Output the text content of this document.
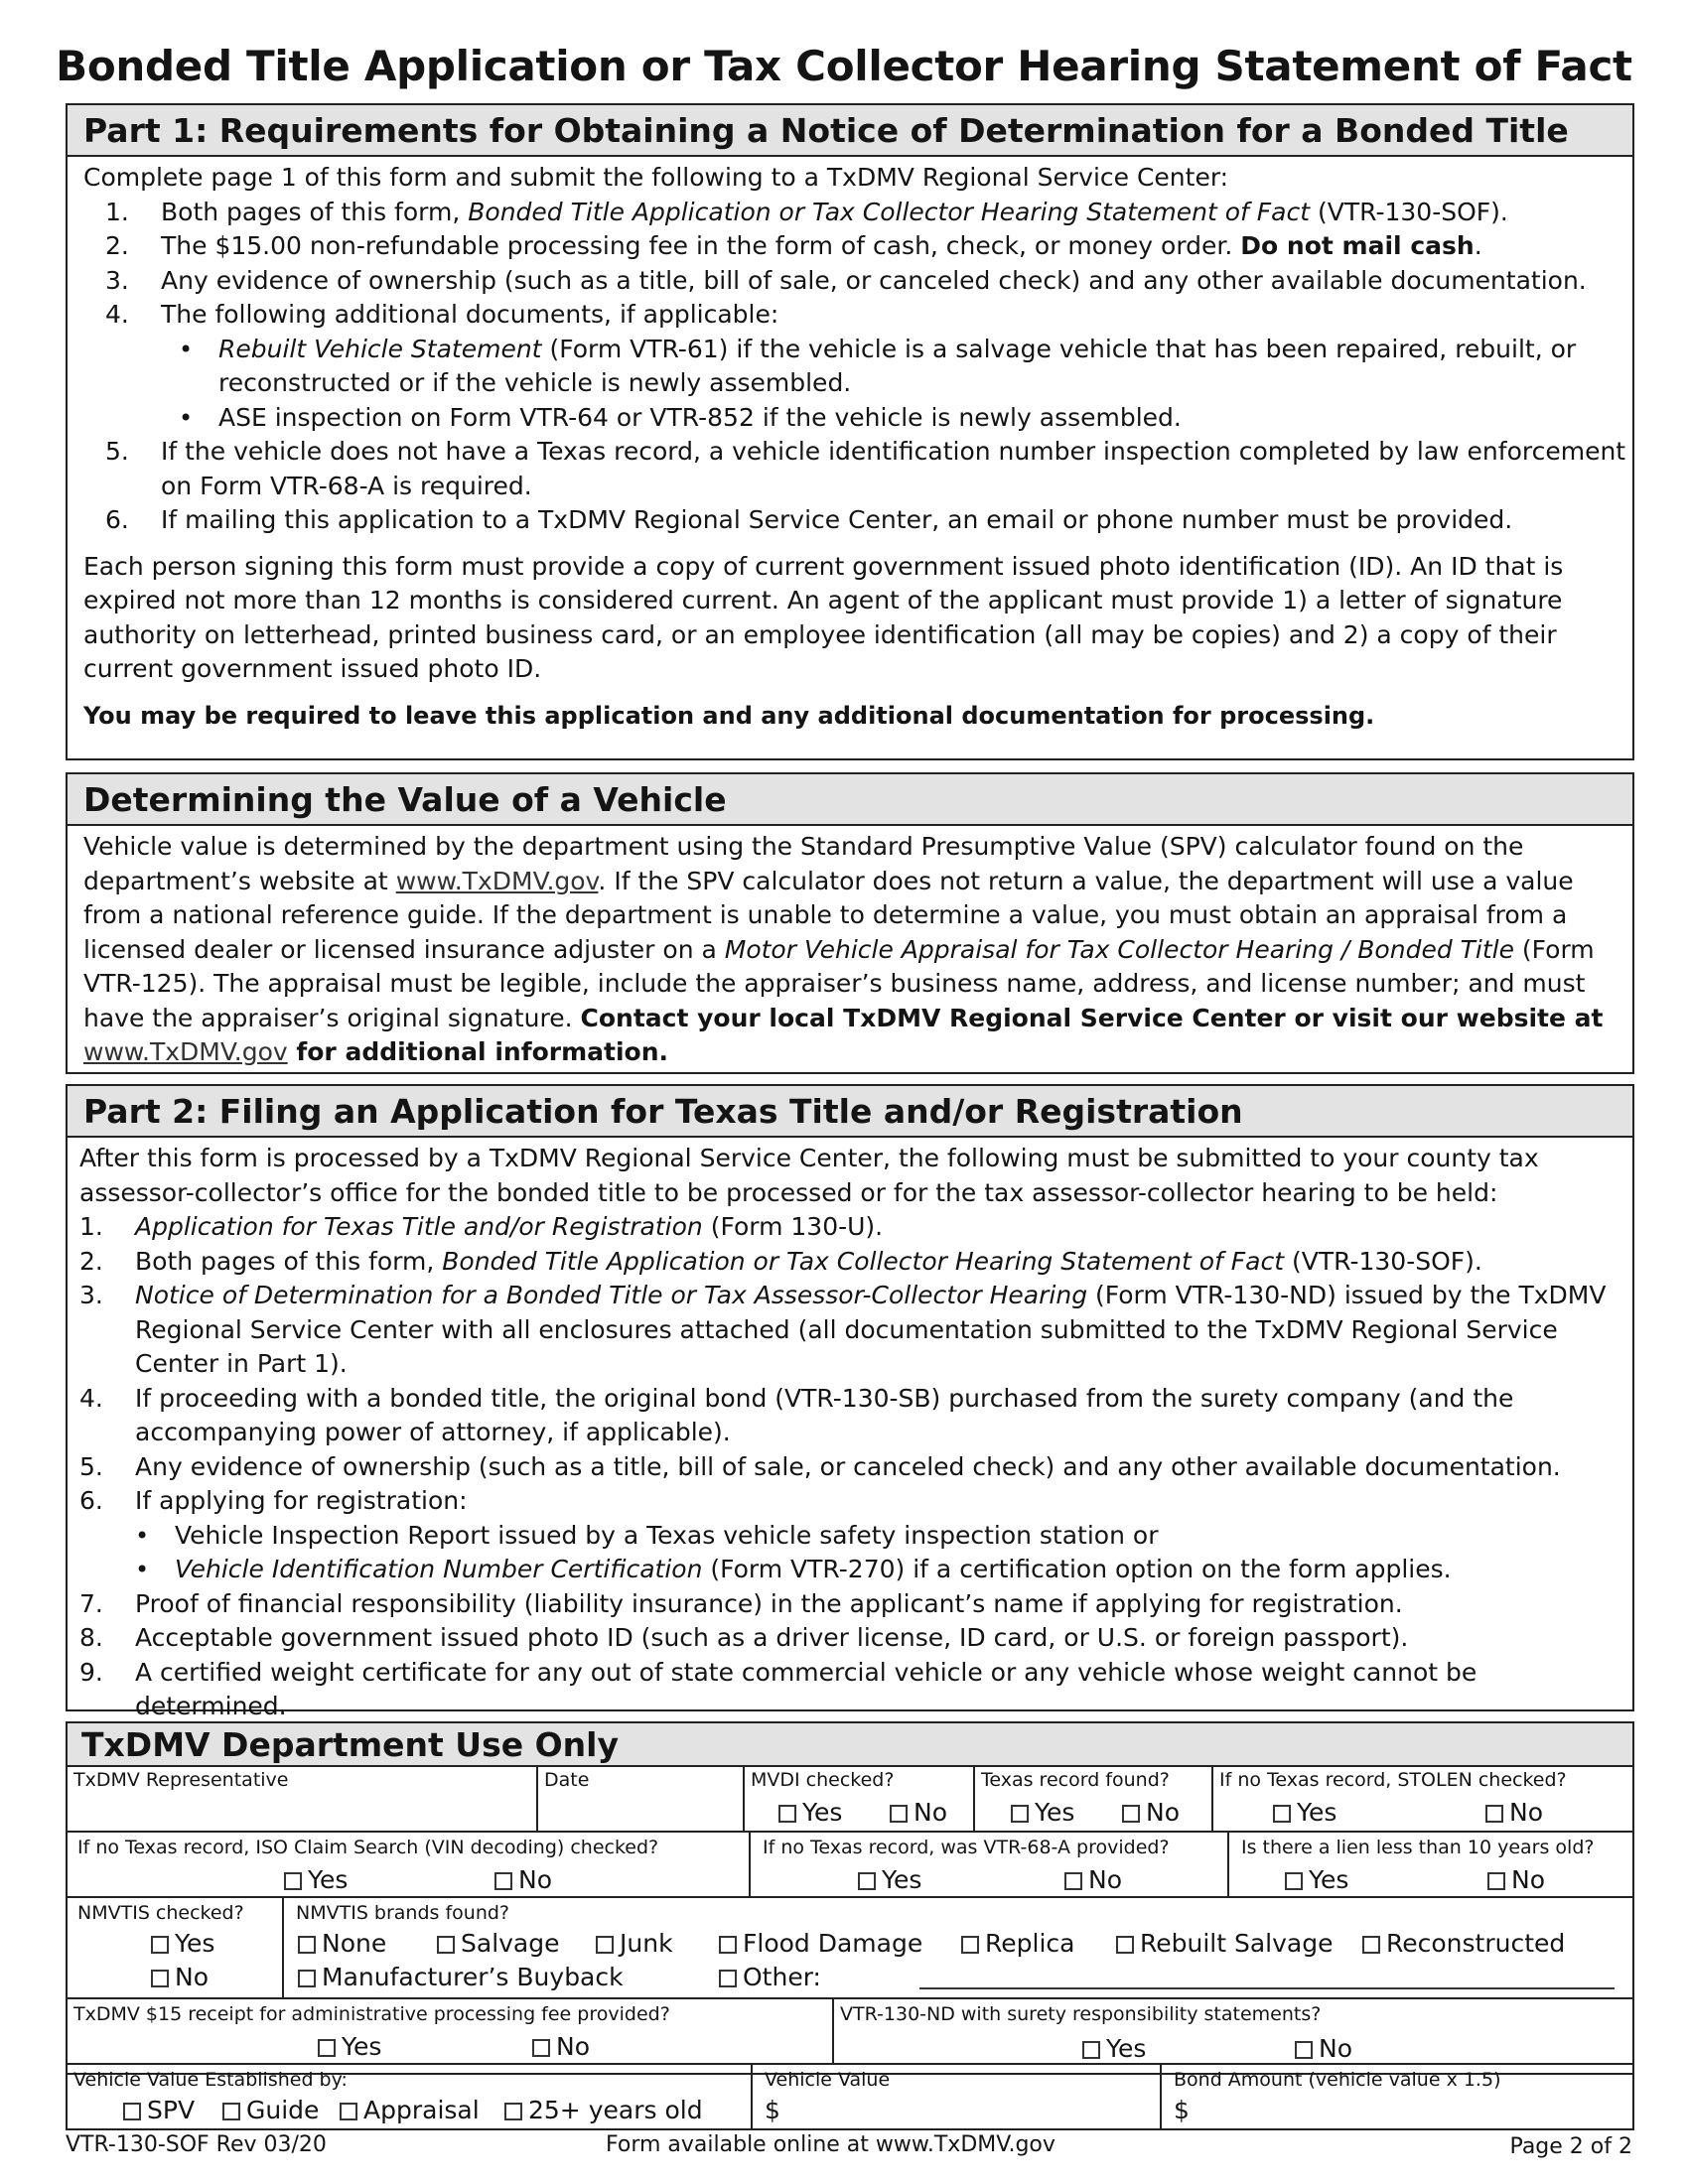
Bonded Title Application or Tax Collector Hearing Statement of Fact
Part 1: Requirements for Obtaining a Notice of Determination for a Bonded Title

Complete page 1 of this form and submit the following to a TxDMV Regional Service Center:

1. Both pages of this form, Bonded Title Application or Tax Collector Hearing Statement of Fact (VTR-130-SOF).
2. The $15.00 non-refundable processing fee in the form of cash, check, or money order. Do not mail cash.
3. Any evidence of ownership (such as a title, bill of sale, or canceled check) and any other available documentation.
4. The following additional documents, if applicable:
• Rebuilt Vehicle Statement (Form VTR-61) if the vehicle is a salvage vehicle that has been repaired, rebuilt, or reconstructed or if the vehicle is newly assembled.
• ASE inspection on Form VTR-64 or VTR-852 if the vehicle is newly assembled.
5. If the vehicle does not have a Texas record, a vehicle identification number inspection completed by law enforcement on Form VTR-68-A is required.
6. If mailing this application to a TxDMV Regional Service Center, an email or phone number must be provided.

Each person signing this form must provide a copy of current government issued photo identification (ID). An ID that is expired not more than 12 months is considered current. An agent of the applicant must provide 1) a letter of signature authority on letterhead, printed business card, or an employee identification (all may be copies) and 2) a copy of their current government issued photo ID.

You may be required to leave this application and any additional documentation for processing.

Determining the Value of a Vehicle

Vehicle value is determined by the department using the Standard Presumptive Value (SPV) calculator found on the department’s website at www.TxDMV.gov. If the SPV calculator does not return a value, the department will use a value from a national reference guide. If the department is unable to determine a value, you must obtain an appraisal from a licensed dealer or licensed insurance adjuster on a Motor Vehicle Appraisal for Tax Collector Hearing / Bonded Title (Form VTR-125). The appraisal must be legible, include the appraiser’s business name, address, and license number; and must have the appraiser’s original signature. Contact your local TxDMV Regional Service Center or visit our website at www.TxDMV.gov for additional information.

Part 2: Filing an Application for Texas Title and/or Registration

After this form is processed by a TxDMV Regional Service Center, the following must be submitted to your county tax assessor-collector’s office for the bonded title to be processed or for the tax assessor-collector hearing to be held:

1. Application for Texas Title and/or Registration (Form 130-U).
2. Both pages of this form, Bonded Title Application or Tax Collector Hearing Statement of Fact (VTR-130-SOF).
3. Notice of Determination for a Bonded Title or Tax Assessor-Collector Hearing (Form VTR-130-ND) issued by the TxDMV Regional Service Center with all enclosures attached (all documentation submitted to the TxDMV Regional Service Center in Part 1).
4. If proceeding with a bonded title, the original bond (VTR-130-SB) purchased from the surety company (and the accompanying power of attorney, if applicable).
5. Any evidence of ownership (such as a title, bill of sale, or canceled check) and any other available documentation.
6. If applying for registration:
• Vehicle Inspection Report issued by a Texas vehicle safety inspection station or
• Vehicle Identification Number Certification (Form VTR-270) if a certification option on the form applies.
7. Proof of financial responsibility (liability insurance) in the applicant’s name if applying for registration.
8. Acceptable government issued photo ID (such as a driver license, ID card, or U.S. or foreign passport).
9. A certified weight certificate for any out of state commercial vehicle or any vehicle whose weight cannot be determined.
TxDMV Department Use Only
TxDMV Representative	Date	MVDI checked?
Yes	No
Texas record found?
Yes	No
If no Texas record, STOLEN checked?
Yes	No
If no Texas record, ISO Claim Search (VIN decoding) checked?
Yes	No
If no Texas record, was VTR-68-A provided?
Yes	No
Is there a lien less than 10 years old?
Yes	No
NMVTIS checked?
Yes
No
NMVTIS brands found?
None	Salvage	Junk	Flood Damage	Replica	Rebuilt Salvage	Reconstructed
Manufacturer’s Buyback	Other:
TxDMV $15 receipt for administrative processing fee provided?
Yes	No
VTR-130-ND with surety responsibility statements?
Yes	No
Vehicle Value Established by:
SPV	Guide	Appraisal	25+ years old
Vehicle Value
$
Bond Amount (vehicle value x 1.5)
$
VTR-130-SOF Rev 03/20	Form available online at www.TxDMV.gov	Page 2 of 2
